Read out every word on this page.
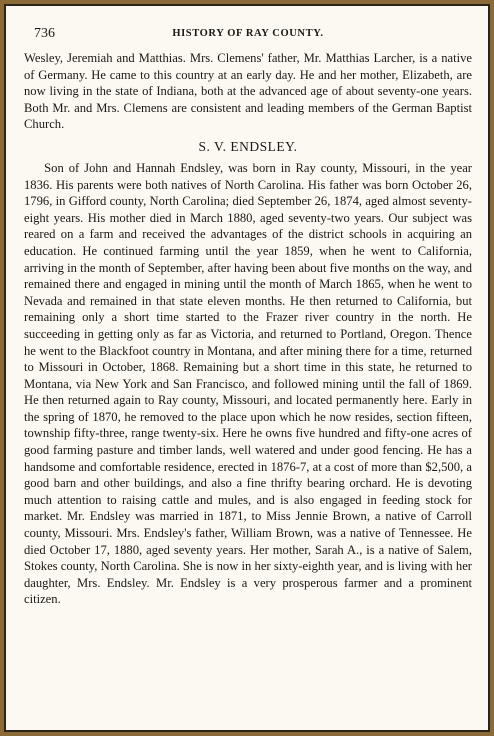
736	HISTORY OF RAY COUNTY.

Wesley, Jeremiah and Matthias. Mrs. Clemens' father, Mr. Matthias Larcher, is a native of Germany. He came to this country at an early day. He and her mother, Elizabeth, are now living in the state of Indiana, both at the advanced age of about seventy-one years. Both Mr. and Mrs. Clemens are consistent and leading members of the German Baptist Church.

S. V. ENDSLEY.

Son of John and Hannah Endsley, was born in Ray county, Missouri, in the year 1836. His parents were both natives of North Carolina. His father was born October 26, 1796, in Gifford county, North Carolina; died September 26, 1874, aged almost seventy-eight years. His mother died in March 1880, aged seventy-two years. Our subject was reared on a farm and received the advantages of the district schools in acquiring an education. He continued farming until the year 1859, when he went to California, arriving in the month of September, after having been about five months on the way, and remained there and engaged in mining until the month of March 1865, when he went to Nevada and remained in that state eleven months. He then returned to California, but remaining only a short time started to the Frazer river country in the north. He succeeding in getting only as far as Victoria, and returned to Portland, Oregon. Thence he went to the Blackfoot country in Montana, and after mining there for a time, returned to Missouri in October, 1868. Remaining but a short time in this state, he returned to Montana, via New York and San Francisco, and followed mining until the fall of 1869. He then returned again to Ray county, Missouri, and located permanently here. Early in the spring of 1870, he removed to the place upon which he now resides, section fifteen, township fifty-three, range twenty-six. Here he owns five hundred and fifty-one acres of good farming pasture and timber lands, well watered and under good fencing. He has a handsome and comfortable residence, erected in 1876-7, at a cost of more than $2,500, a good barn and other buildings, and also a fine thrifty bearing orchard. He is devoting much attention to raising cattle and mules, and is also engaged in feeding stock for market. Mr. Endsley was married in 1871, to Miss Jennie Brown, a native of Carroll county, Missouri. Mrs. Endsley's father, William Brown, was a native of Tennessee. He died October 17, 1880, aged seventy years. Her mother, Sarah A., is a native of Salem, Stokes county, North Carolina. She is now in her sixty-eighth year, and is living with her daughter, Mrs. Endsley. Mr. Endsley is a very prosperous farmer and a prominent citizen.
